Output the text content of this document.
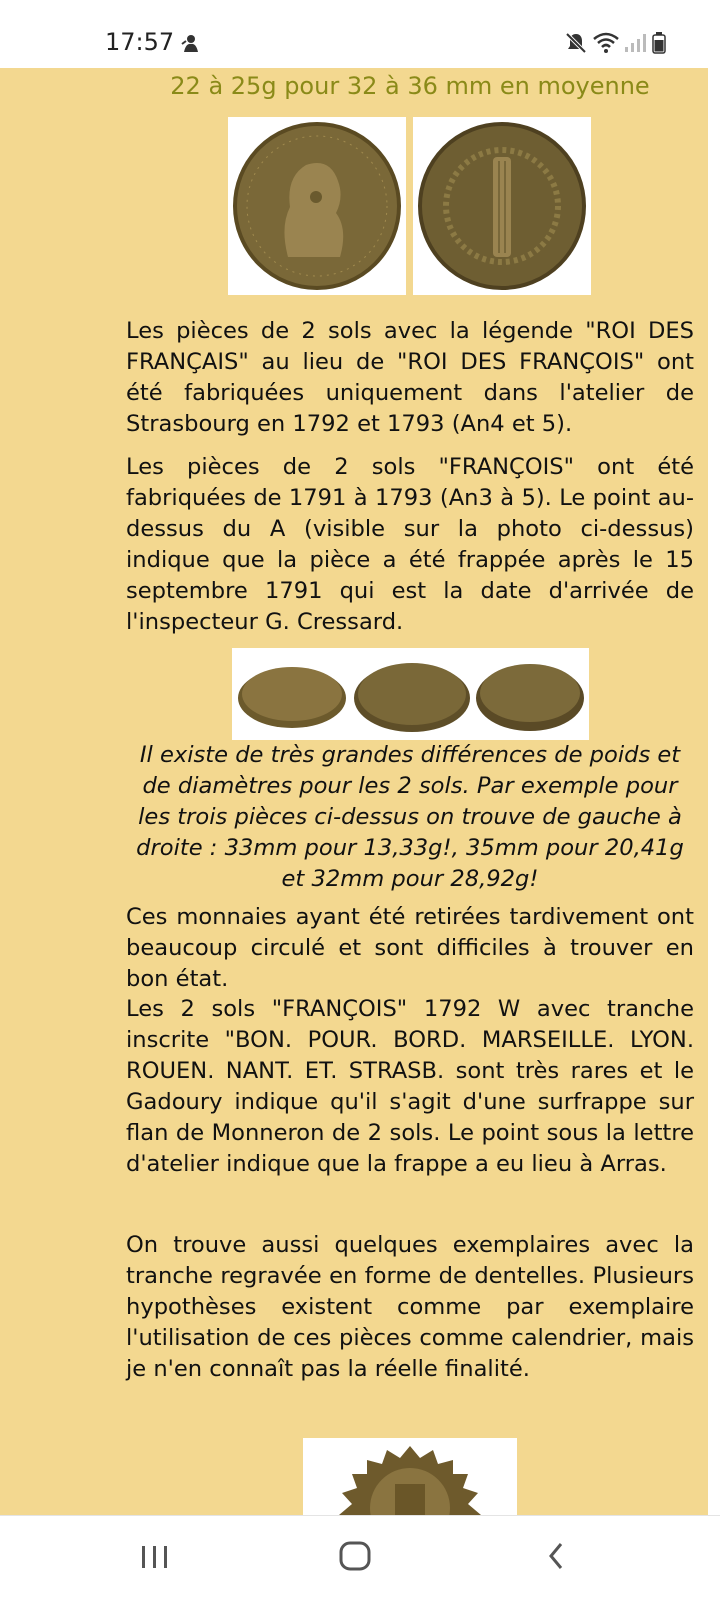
17:57
22 à 25g pour 32 à 36 mm en moyenne

Les pièces de 2 sols avec la légende "ROI DES FRANÇAIS" au lieu de "ROI DES FRANÇOIS" ont été fabriquées uniquement dans l'atelier de Strasbourg en 1792 et 1793 (An4 et 5).

Les pièces de 2 sols "FRANÇOIS" ont été fabriquées de 1791 à 1793 (An3 à 5). Le point au-dessus du A (visible sur la photo ci-dessus) indique que la pièce a été frappée après le 15 septembre 1791 qui est la date d'arrivée de l'inspecteur G. Cressard.

Il existe de très grandes différences de poids et de diamètres pour les 2 sols. Par exemple pour les trois pièces ci-dessus on trouve de gauche à droite : 33mm pour 13,33g!, 35mm pour 20,41g et 32mm pour 28,92g!

Ces monnaies ayant été retirées tardivement ont beaucoup circulé et sont difficiles à trouver en bon état.

Les 2 sols "FRANÇOIS" 1792 W avec tranche inscrite "BON. POUR. BORD. MARSEILLE. LYON. ROUEN. NANT. ET. STRASB. sont très rares et le Gadoury indique qu'il s'agit d'une surfrappe sur flan de Monneron de 2 sols. Le point sous la lettre d'atelier indique que la frappe a eu lieu à Arras.

On trouve aussi quelques exemplaires avec la tranche regravée en forme de dentelles. Plusieurs hypothèses existent comme par exemplaire l'utilisation de ces pièces comme calendrier, mais je n'en connaît pas la réelle finalité.
